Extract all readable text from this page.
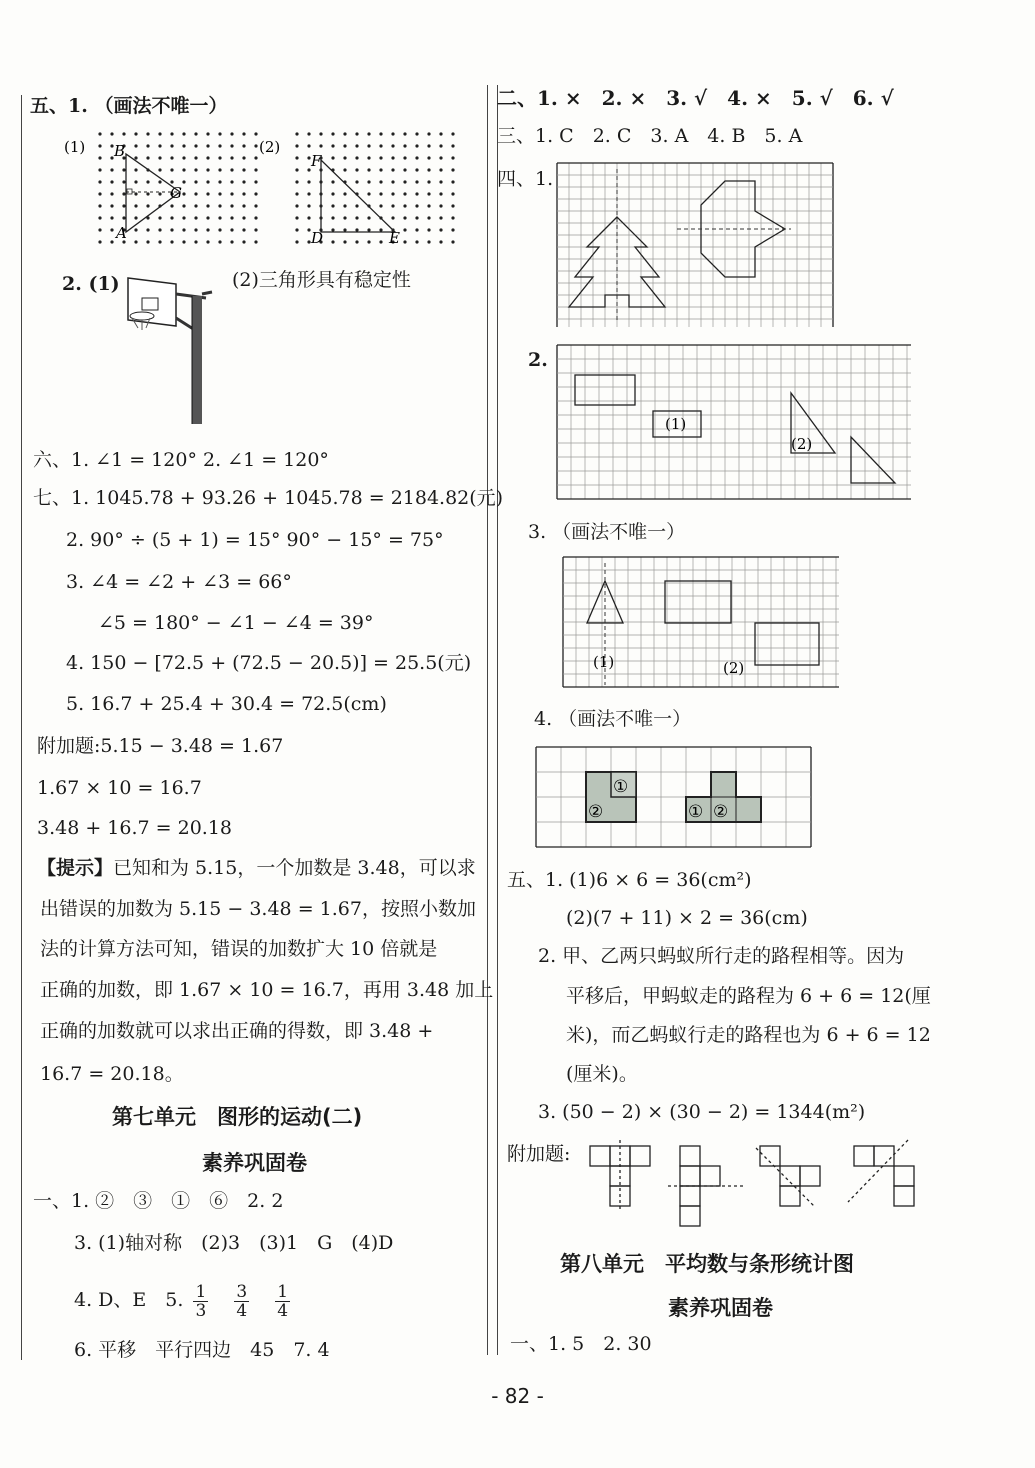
五、1. （画法不唯一）
(1) B
G
A
(2)
F
D	E
2. (1)	(2)三角形具有稳定性
六、1. ∠1 = 120° 2. ∠1 = 120°
七、1. 1045.78 + 93.26 + 1045.78 = 2184.82(元)
2. 90° ÷ (5 + 1) = 15° 90° − 15° = 75°
3. ∠4 = ∠2 + ∠3 = 66°
∠5 = 180° − ∠1 − ∠4 = 39°
4. 150 − [72.5 + (72.5 − 20.5)] = 25.5(元)
5. 16.7 + 25.4 + 30.4 = 72.5(cm)
附加题:5.15 − 3.48 = 1.67
1.67 × 10 = 16.7
3.48 + 16.7 = 20.18
【提示】已知和为 5.15，一个加数是 3.48，可以求
出错误的加数为 5.15 − 3.48 = 1.67，按照小数加
法的计算方法可知，错误的加数扩大 10 倍就是
正确的加数，即 1.67 × 10 = 16.7，再用 3.48 加上
正确的加数就可以求出正确的得数，即 3.48 +
16.7 = 20.18。
第七单元　图形的运动(二)
素养巩固卷
一、1. ②　③　①　⑥　2. 2
3. (1)轴对称　(2)3　(3)1　G　(4)D
4. D、E　5. $\frac{1}{3}$
$\frac{3}{4}$
$\frac{1}{4}$
6. 平移　平行四边　45　7. 4
二、1. ×　2. ×　3. √　4. ×　5. √　6. √
三、1. C　2. C　3. A　4. B　5. A
四、1.
2.
(1)
(2)
3. （画法不唯一）
(1)	(2)
4. （画法不唯一）
①
②	① ②
五、1. (1)6 × 6 = 36(cm²)
(2)(7 + 11) × 2 = 36(cm)
2. 甲、乙两只蚂蚁所行走的路程相等。因为
平移后，甲蚂蚁走的路程为 6 + 6 = 12(厘
米)，而乙蚂蚁行走的路程也为 6 + 6 = 12
(厘米)。
3. (50 − 2) × (30 − 2) = 1344(m²)
附加题:
第八单元　平均数与条形统计图
素养巩固卷
一、1. 5　2. 30
- 82 -
